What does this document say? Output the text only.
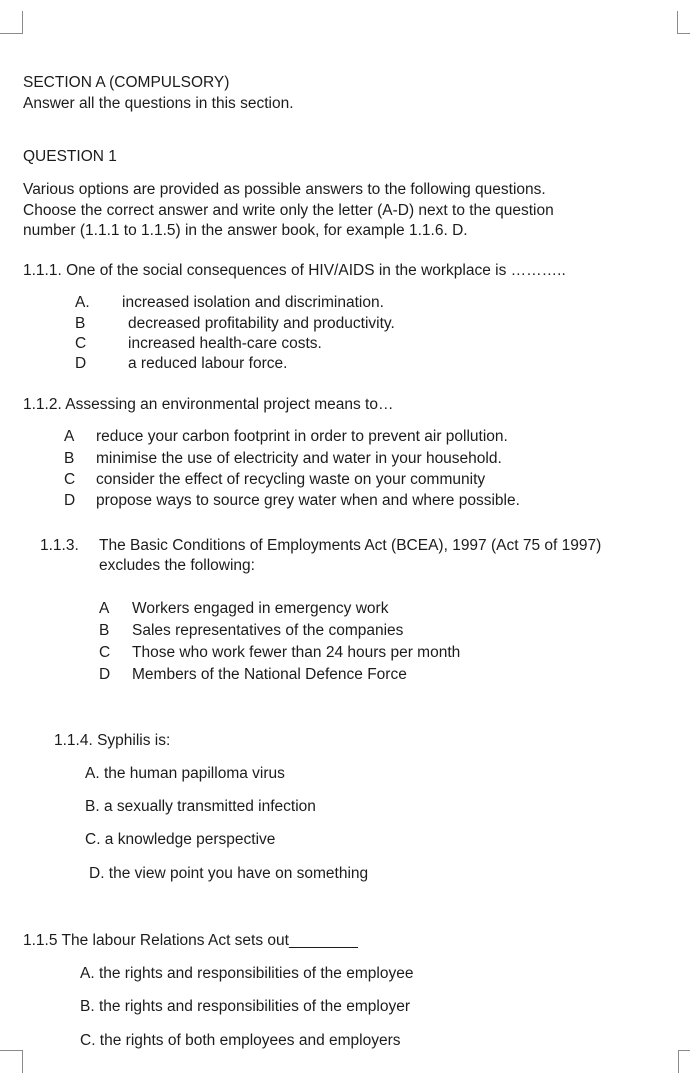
SECTION A (COMPULSORY)
Answer all the questions in this section.
QUESTION 1
Various options are provided as possible answers to the following questions.
Choose the correct answer and write only the letter (A-D) next to the question
number (1.1.1 to 1.1.5) in the answer book, for example 1.1.6. D.
1.1.1. One of the social consequences of HIV/AIDS in the workplace is ………..
A. increased isolation and discrimination.
B	decreased profitability and productivity.
C	increased health-care costs.
D	a reduced labour force.
1.1.2. Assessing an environmental project means to…
A reduce your carbon footprint in order to prevent air pollution.
B minimise the use of electricity and water in your household.
C consider the effect of recycling waste on your community
D propose ways to source grey water when and where possible.
1.1.3. The Basic Conditions of Employments Act (BCEA), 1997 (Act 75 of 1997)
excludes the following:
A Workers engaged in emergency work
B Sales representatives of the companies
C Those who work fewer than 24 hours per month
D Members of the National Defence Force
1.1.4. Syphilis is:
A. the human papilloma virus
B. a sexually transmitted infection
C. a knowledge perspective
D. the view point you have on something
1.1.5 The labour Relations Act sets out________
A. the rights and responsibilities of the employee
B. the rights and responsibilities of the employer
C. the rights of both employees and employers
